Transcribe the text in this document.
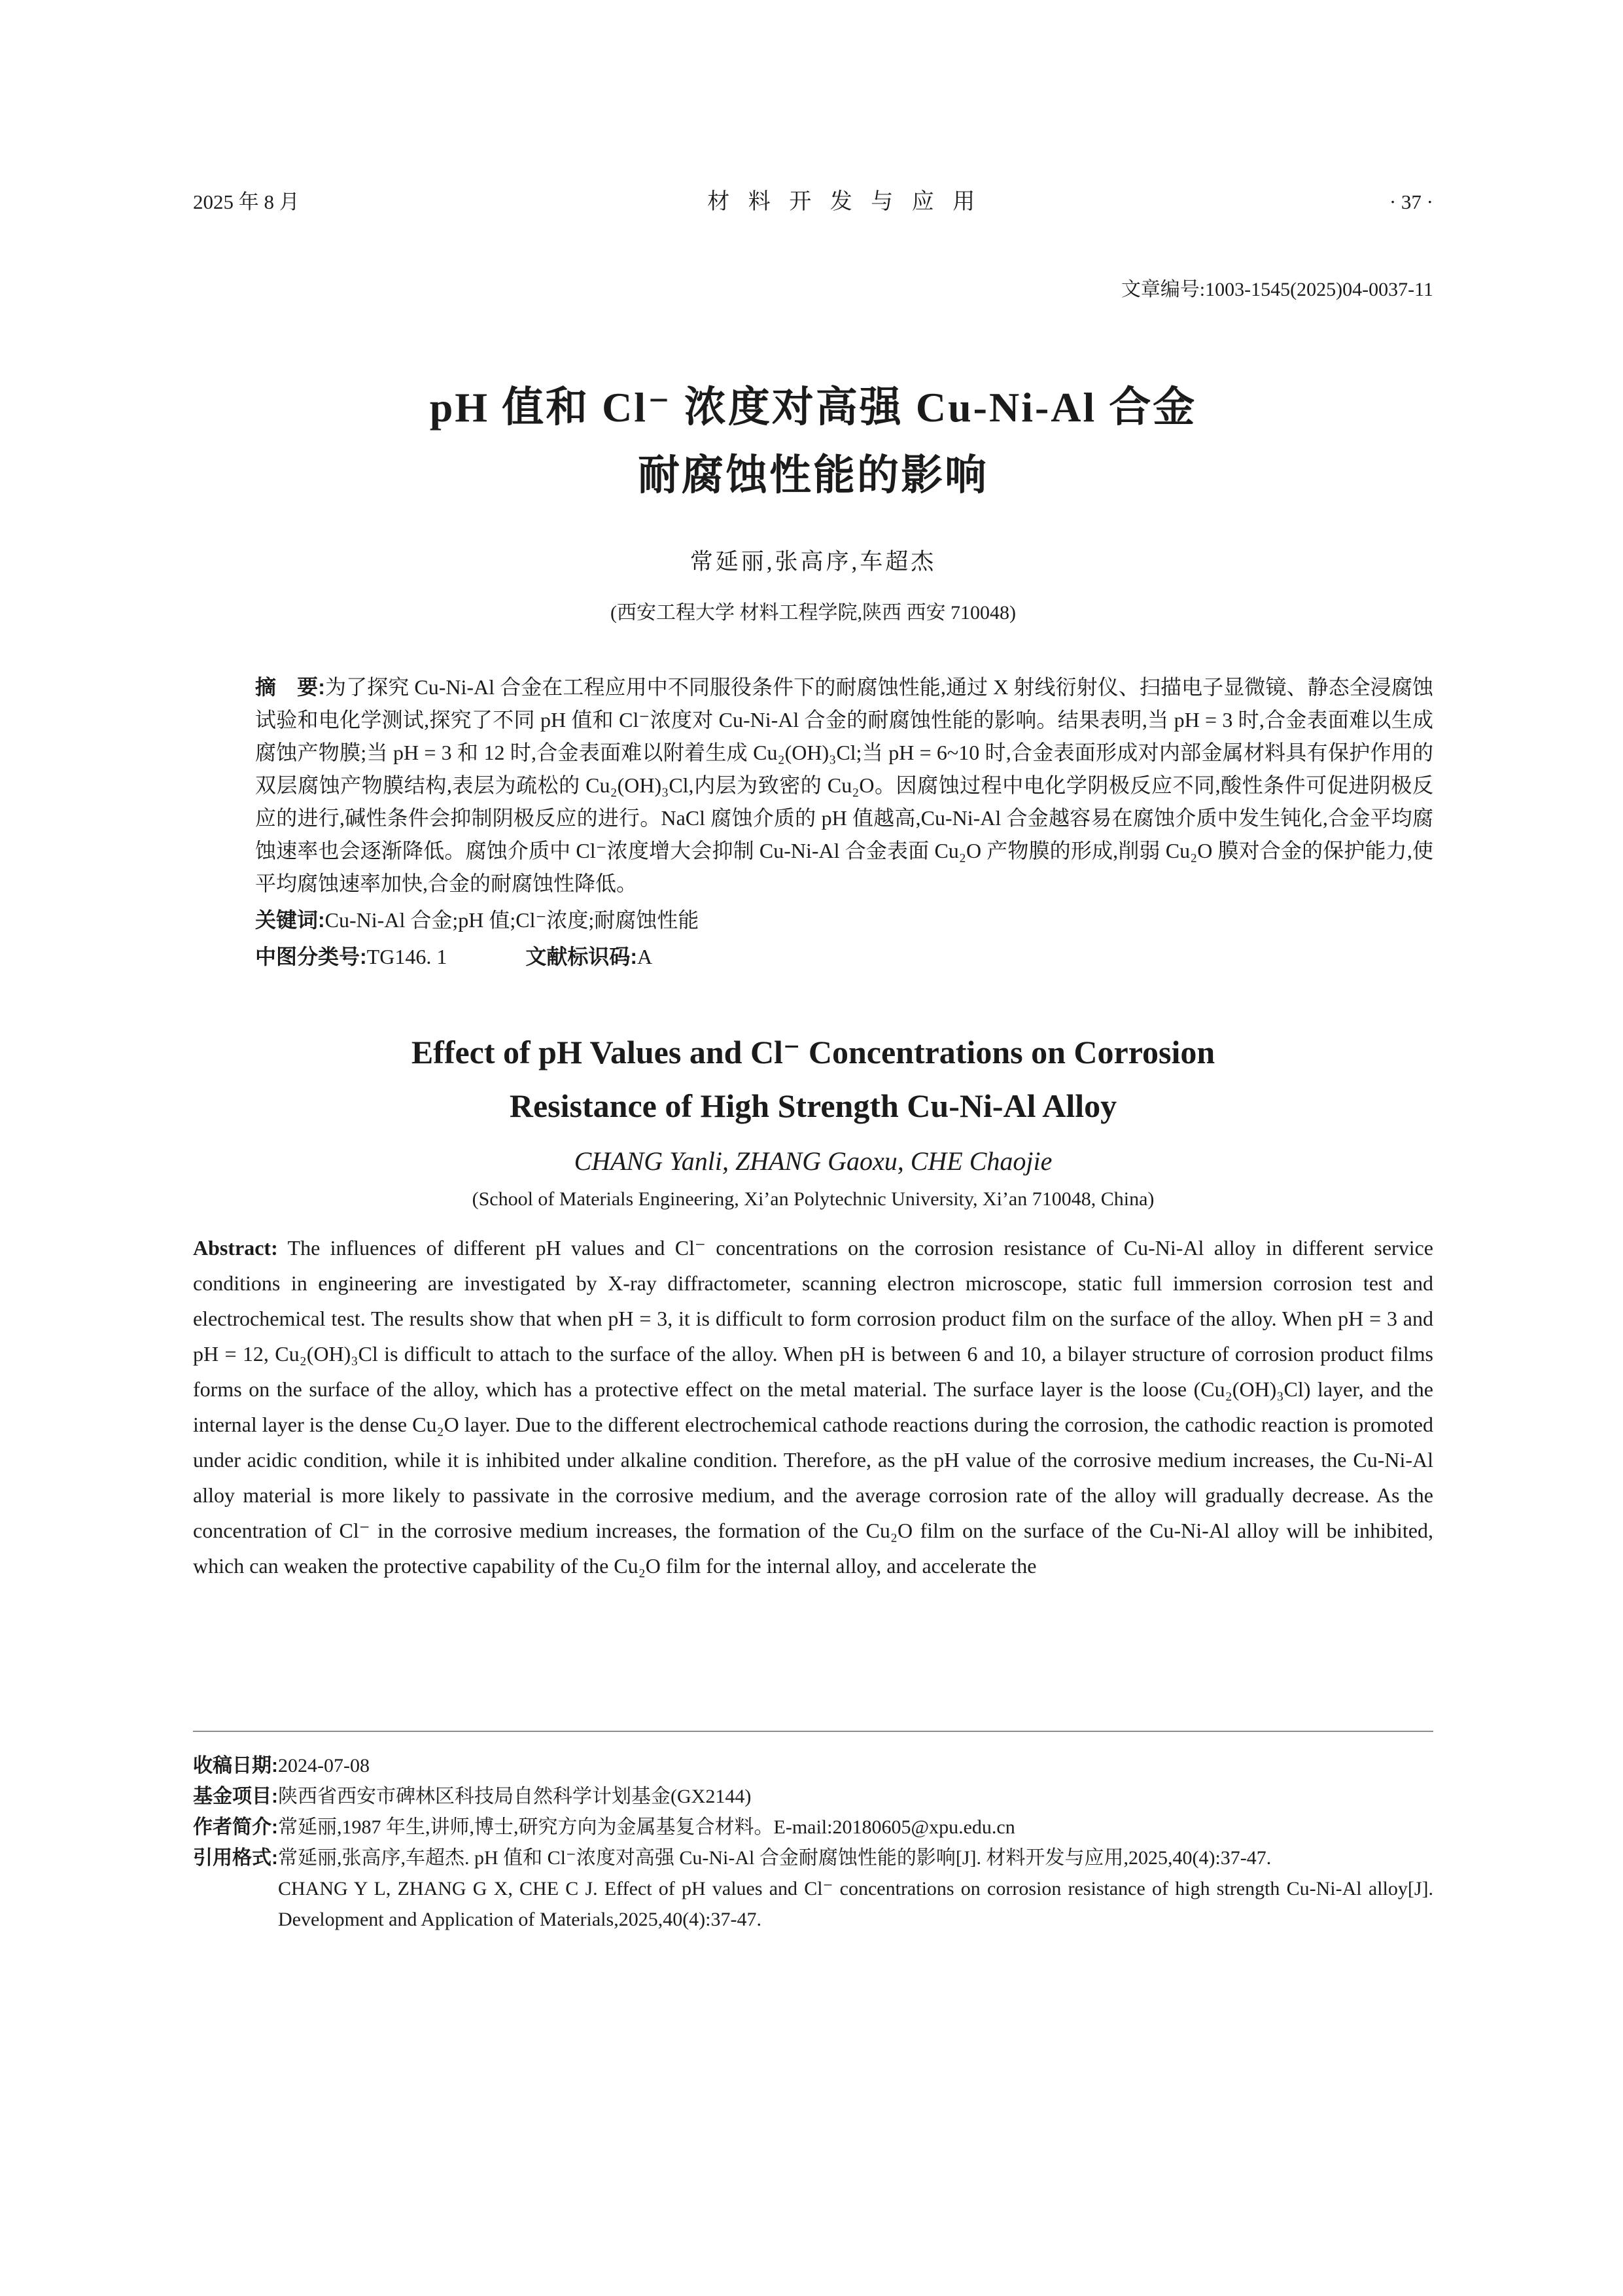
2025 年 8 月	材 料 开 发 与 应 用	· 37 ·
文章编号:1003-1545(2025)04-0037-11
pH 值和 Cl⁻ 浓度对高强 Cu-Ni-Al 合金
耐腐蚀性能的影响
常延丽,张高序,车超杰
(西安工程大学 材料工程学院,陕西 西安 710048)

摘　要:为了探究 Cu-Ni-Al 合金在工程应用中不同服役条件下的耐腐蚀性能,通过 X 射线衍射仪、扫描电子显微镜、静态全浸腐蚀试验和电化学测试,探究了不同 pH 值和 Cl⁻浓度对 Cu-Ni-Al 合金的耐腐蚀性能的影响。结果表明,当 pH = 3 时,合金表面难以生成腐蚀产物膜;当 pH = 3 和 12 时,合金表面难以附着生成 Cu₂(OH)₃Cl;当 pH = 6~10 时,合金表面形成对内部金属材料具有保护作用的双层腐蚀产物膜结构,表层为疏松的 Cu₂(OH)₃Cl,内层为致密的 Cu₂O。因腐蚀过程中电化学阴极反应不同,酸性条件可促进阴极反应的进行,碱性条件会抑制阴极反应的进行。NaCl 腐蚀介质的 pH 值越高,Cu-Ni-Al 合金越容易在腐蚀介质中发生钝化,合金平均腐蚀速率也会逐渐降低。腐蚀介质中 Cl⁻浓度增大会抑制 Cu-Ni-Al 合金表面 Cu₂O 产物膜的形成,削弱 Cu₂O 膜对合金的保护能力,使平均腐蚀速率加快,合金的耐腐蚀性降低。

关键词:Cu-Ni-Al 合金;pH 值;Cl⁻浓度;耐腐蚀性能

中图分类号:TG146. 1	文献标识码:A

Effect of pH Values and Cl⁻ Concentrations on Corrosion
Resistance of High Strength Cu-Ni-Al Alloy
CHANG Yanli, ZHANG Gaoxu, CHE Chaojie
(School of Materials Engineering, Xi’an Polytechnic University, Xi’an 710048, China)

Abstract: The influences of different pH values and Cl⁻ concentrations on the corrosion resistance of Cu-Ni-Al alloy in different service conditions in engineering are investigated by X-ray diffractometer, scanning electron microscope, static full immersion corrosion test and electrochemical test. The results show that when pH = 3, it is difficult to form corrosion product film on the surface of the alloy. When pH = 3 and pH = 12, Cu₂(OH)₃Cl is difficult to attach to the surface of the alloy. When pH is between 6 and 10, a bilayer structure of corrosion product films forms on the surface of the alloy, which has a protective effect on the metal material. The surface layer is the loose (Cu₂(OH)₃Cl) layer, and the internal layer is the dense Cu₂O layer. Due to the different electrochemical cathode reactions during the corrosion, the cathodic reaction is promoted under acidic condition, while it is inhibited under alkaline condition. Therefore, as the pH value of the corrosive medium increases, the Cu-Ni-Al alloy material is more likely to passivate in the corrosive medium, and the average corrosion rate of the alloy will gradually decrease. As the concentration of Cl⁻ in the corrosive medium increases, the formation of the Cu₂O film on the surface of the Cu-Ni-Al alloy will be inhibited, which can weaken the protective capability of the Cu₂O film for the internal alloy, and accelerate the

收稿日期:2024-07-08
基金项目:陕西省西安市碑林区科技局自然科学计划基金(GX2144)
作者简介:常延丽,1987 年生,讲师,博士,研究方向为金属基复合材料。E-mail:20180605@xpu.edu.cn
引用格式: 常延丽,张高序,车超杰. pH 值和 Cl⁻浓度对高强 Cu-Ni-Al 合金耐腐蚀性能的影响[J]. 材料开发与应用,2025,40(4):37-47.

CHANG Y L, ZHANG G X, CHE C J. Effect of pH values and Cl⁻ concentrations on corrosion resistance of high strength Cu-Ni-Al alloy[J]. Development and Application of Materials,2025,40(4):37-47.
